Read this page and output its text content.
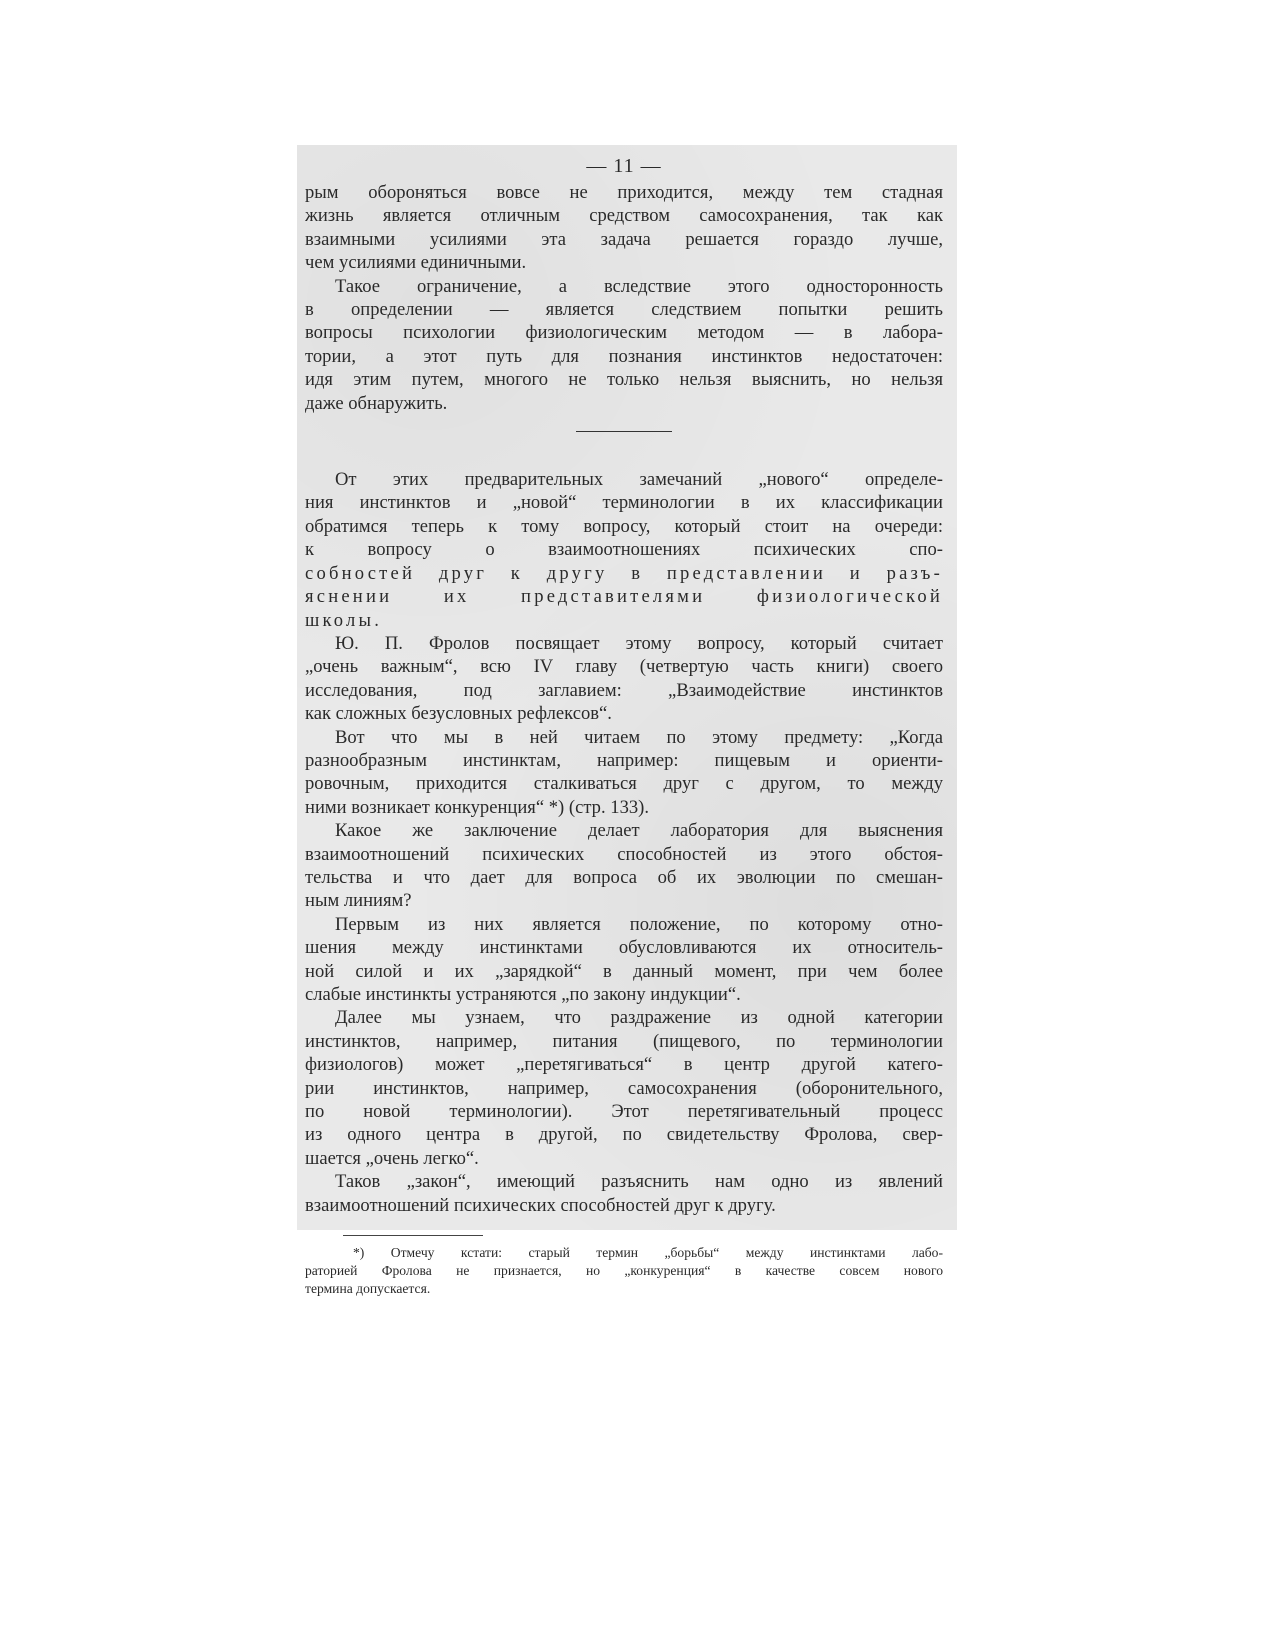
— 11 —
рым обороняться вовсе не приходится, между тем стадная
жизнь является отличным средством самосохранения, так как
взаимными усилиями эта задача решается гораздо лучше,
чем усилиями единичными.
Такое ограничение, а вследствие этого односторонность
в определении — является следствием попытки решить
вопросы психологии физиологическим методом — в лабора-
тории, а этот путь для познания инстинктов недостаточен:
идя этим путем, многого не только нельзя выяснить, но нельзя
даже обнаружить.
От этих предварительных замечаний „нового“ определе-
ния инстинктов и „новой“ терминологии в их классификации
обратимся теперь к тому вопросу, который стоит на очереди:
к вопросу о взаимоотношениях психических спо-
собностей друг к другу в представлении и разъ-
яснении их представителями физиологической
школы.
Ю. П. Фролов посвящает этому вопросу, который считает
„очень важным“, всю IV главу (четвертую часть книги) своего
исследования, под заглавием: „Взаимодействие инстинктов
как сложных безусловных рефлексов“.
Вот что мы в ней читаем по этому предмету: „Когда
разнообразным инстинктам, например: пищевым и ориенти-
ровочным, приходится сталкиваться друг с другом, то между
ними возникает конкуренция“ *) (стр. 133).
Какое же заключение делает лаборатория для выяснения
взаимоотношений психических способностей из этого обстоя-
тельства и что дает для вопроса об их эволюции по смешан-
ным линиям?
Первым из них является положение, по которому отно-
шения между инстинктами обусловливаются их относитель-
ной силой и их „зарядкой“ в данный момент, при чем более
слабые инстинкты устраняются „по закону индукции“.
Далее мы узнаем, что раздражение из одной категории
инстинктов, например, питания (пищевого, по терминологии
физиологов) может „перетягиваться“ в центр другой катего-
рии инстинктов, например, самосохранения (оборонительного,
по новой терминологии). Этот перетягивательный процесс
из одного центра в другой, по свидетельству Фролова, свер-
шается „очень легко“.
Таков „закон“, имеющий разъяснить нам одно из явлений
взаимоотношений психических способностей друг к другу.
*) Отмечу кстати: старый термин „борьбы“ между инстинктами лабо-
раторией Фролова не признается, но „конкуренция“ в качестве совсем нового
термина допускается.
